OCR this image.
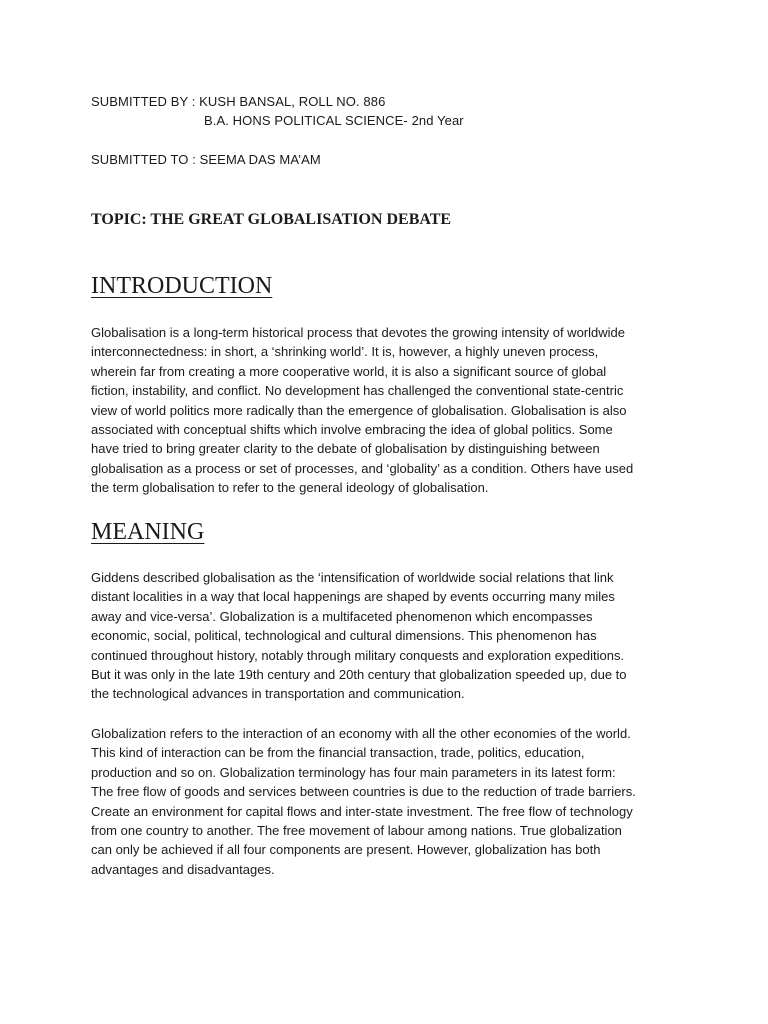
SUBMITTED BY : KUSH BANSAL, ROLL NO. 886
B.A. HONS POLITICAL SCIENCE- 2nd Year
SUBMITTED TO : SEEMA DAS MA’AM
TOPIC: THE GREAT GLOBALISATION DEBATE
INTRODUCTION
Globalisation is a long-term historical process that devotes the growing intensity of worldwide
interconnectedness: in short, a ‘shrinking world’. It is, however, a highly uneven process,
wherein far from creating a more cooperative world, it is also a significant source of global
fiction, instability, and conflict. No development has challenged the conventional state-centric
view of world politics more radically than the emergence of globalisation. Globalisation is also
associated with conceptual shifts which involve embracing the idea of global politics. Some
have tried to bring greater clarity to the debate of globalisation by distinguishing between
globalisation as a process or set of processes, and ‘globality’ as a condition. Others have used
the term globalisation to refer to the general ideology of globalisation.
MEANING
Giddens described globalisation as the ‘intensification of worldwide social relations that link
distant localities in a way that local happenings are shaped by events occurring many miles
away and vice-versa’. Globalization is a multifaceted phenomenon which encompasses
economic, social, political, technological and cultural dimensions. This phenomenon has
continued throughout history, notably through military conquests and exploration expeditions.
But it was only in the late 19th century and 20th century that globalization speeded up, due to
the technological advances in transportation and communication.
Globalization refers to the interaction of an economy with all the other economies of the world.
This kind of interaction can be from the financial transaction, trade, politics, education,
production and so on. Globalization terminology has four main parameters in its latest form:
The free flow of goods and services between countries is due to the reduction of trade barriers.
Create an environment for capital flows and inter-state investment. The free flow of technology
from one country to another. The free movement of labour among nations. True globalization
can only be achieved if all four components are present. However, globalization has both
advantages and disadvantages.
